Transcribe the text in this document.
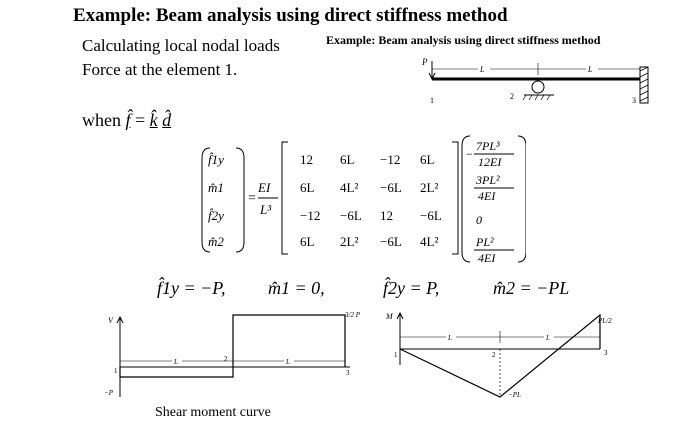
Example: Beam analysis using direct stiffness method
Calculating local nodal loads
Force at the element 1.
Example: Beam analysis using direct stiffness method
P
L	L
1	2	3
when f̂ = k̂ d̂
f̂1y
m̂1
f̂2y
m̂2
=
EI
L³
12 6L −12 6L
6L 4L² −6L 2L²
−12 −6L 12 −6L
6L 2L² −6L 4L²
−
7PL³
12EI
3PL²
4EI
0
PL²
4EI
f̂1y = −P, m̂1 = 0,	f̂2y = P,	m̂2 = −PL
V
L	L
3/2 P
−P
1
2
3
Shear moment curve
M
L	L
−PL
PL/2
1	2	3
